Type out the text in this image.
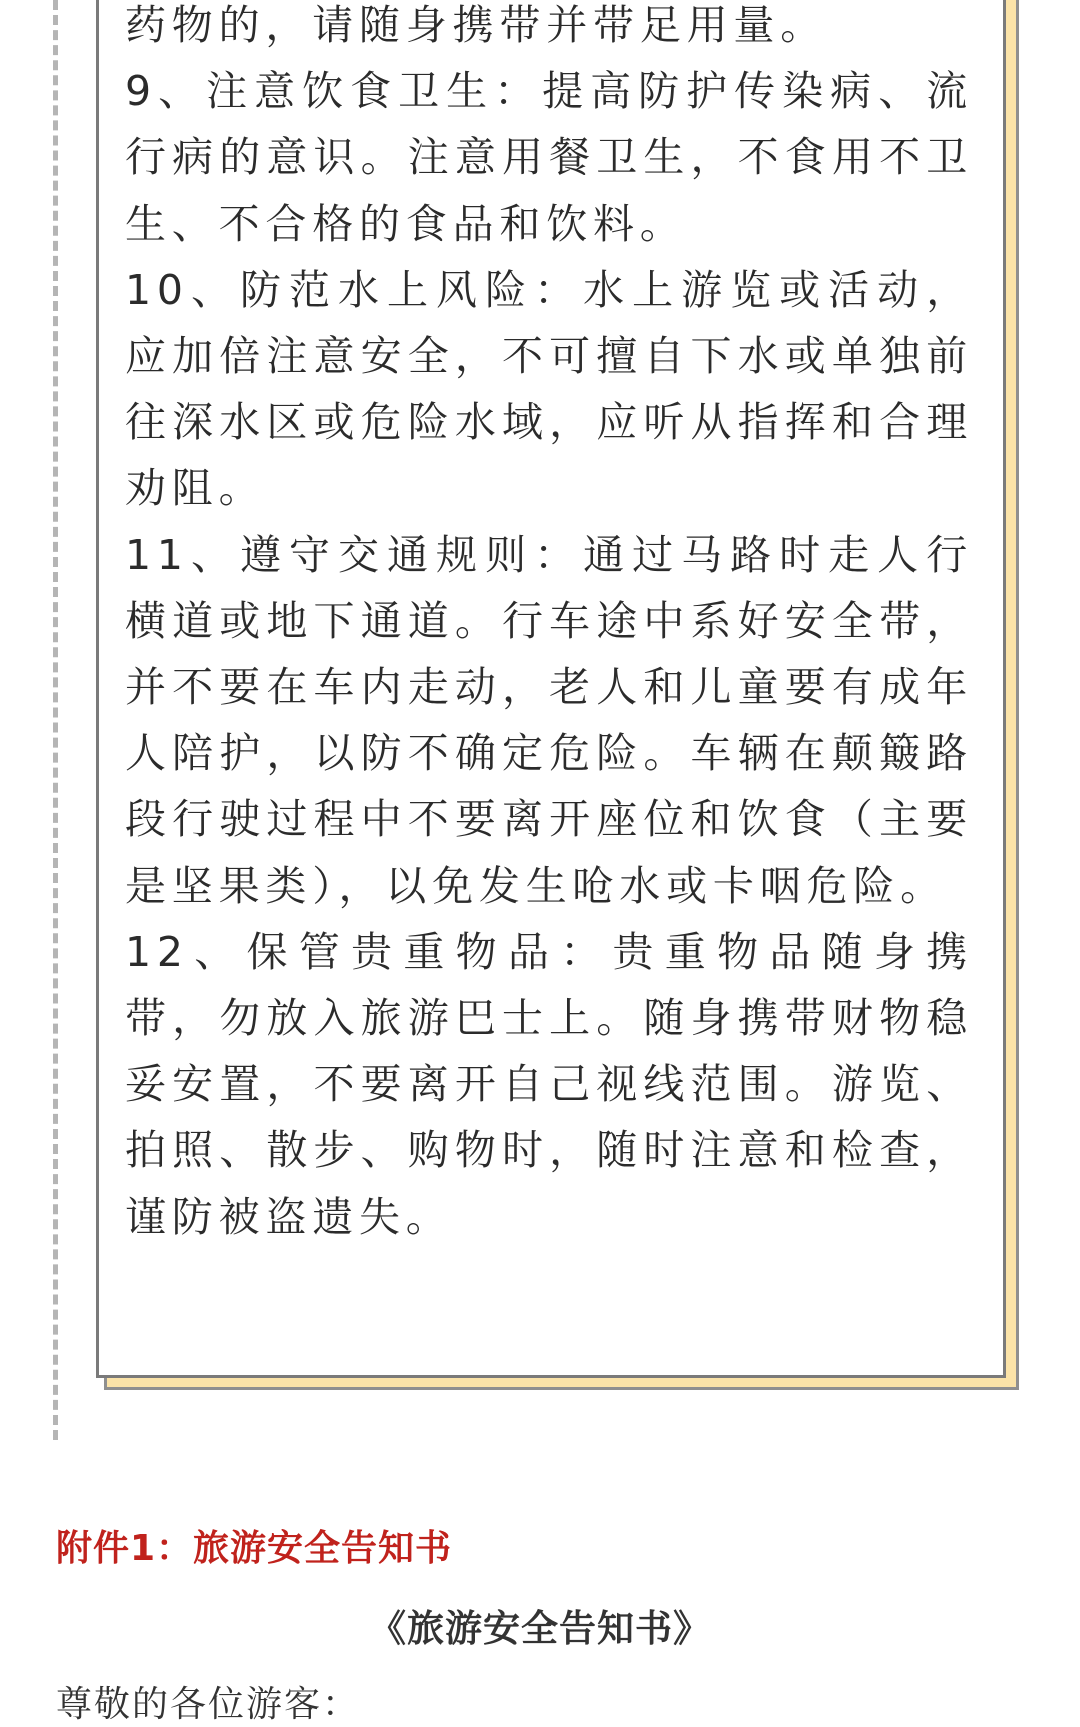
药物的，请随身携带并带足用量。

9、注意饮食卫生：提高防护传染病、流行病的意识。注意用餐卫生，不食用不卫生、不合格的食品和饮料。

10、防范水上风险：水上游览或活动，应加倍注意安全，不可擅自下水或单独前往深水区或危险水域，应听从指挥和合理劝阻。

11、遵守交通规则：通过马路时走人行横道或地下通道。行车途中系好安全带，并不要在车内走动，老人和儿童要有成年人陪护，以防不确定危险。车辆在颠簸路段行驶过程中不要离开座位和饮食（主要是坚果类），以免发生呛水或卡咽危险。

12、保管贵重物品：贵重物品随身携带，勿放入旅游巴士上。随身携带财物稳妥安置，不要离开自己视线范围。游览、拍照、散步、购物时，随时注意和检查，谨防被盗遗失。

附件1：旅游安全告知书
《旅游安全告知书》

尊敬的各位游客：
